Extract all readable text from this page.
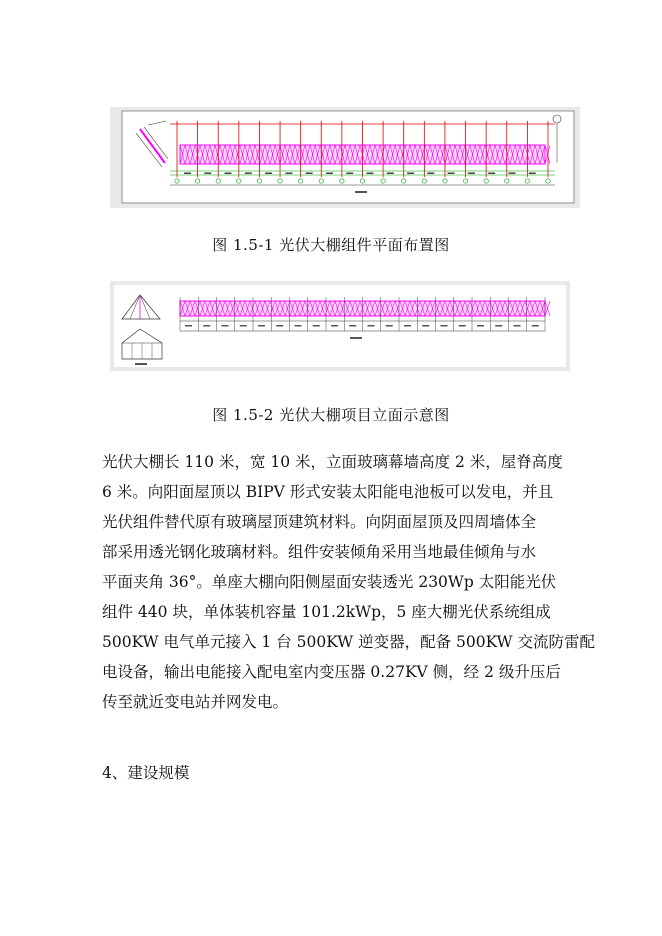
图 1.5-1 光伏大棚组件平面布置图
图 1.5-2 光伏大棚项目立面示意图
光伏大棚长 110 米，宽 10 米，立面玻璃幕墙高度 2 米，屋脊高度
6 米。向阳面屋顶以 BIPV 形式安装太阳能电池板可以发电，并且
光伏组件替代原有玻璃屋顶建筑材料。向阴面屋顶及四周墙体全
部采用透光钢化玻璃材料。组件安装倾角采用当地最佳倾角与水
平面夹角 36°。单座大棚向阳侧屋面安装透光 230Wp 太阳能光伏
组件 440 块，单体装机容量 101.2kWp，5 座大棚光伏系统组成
500KW 电气单元接入 1 台 500KW 逆变器，配备 500KW 交流防雷配
电设备，输出电能接入配电室内变压器 0.27KV 侧，经 2 级升压后
传至就近变电站并网发电。
4、建设规模
